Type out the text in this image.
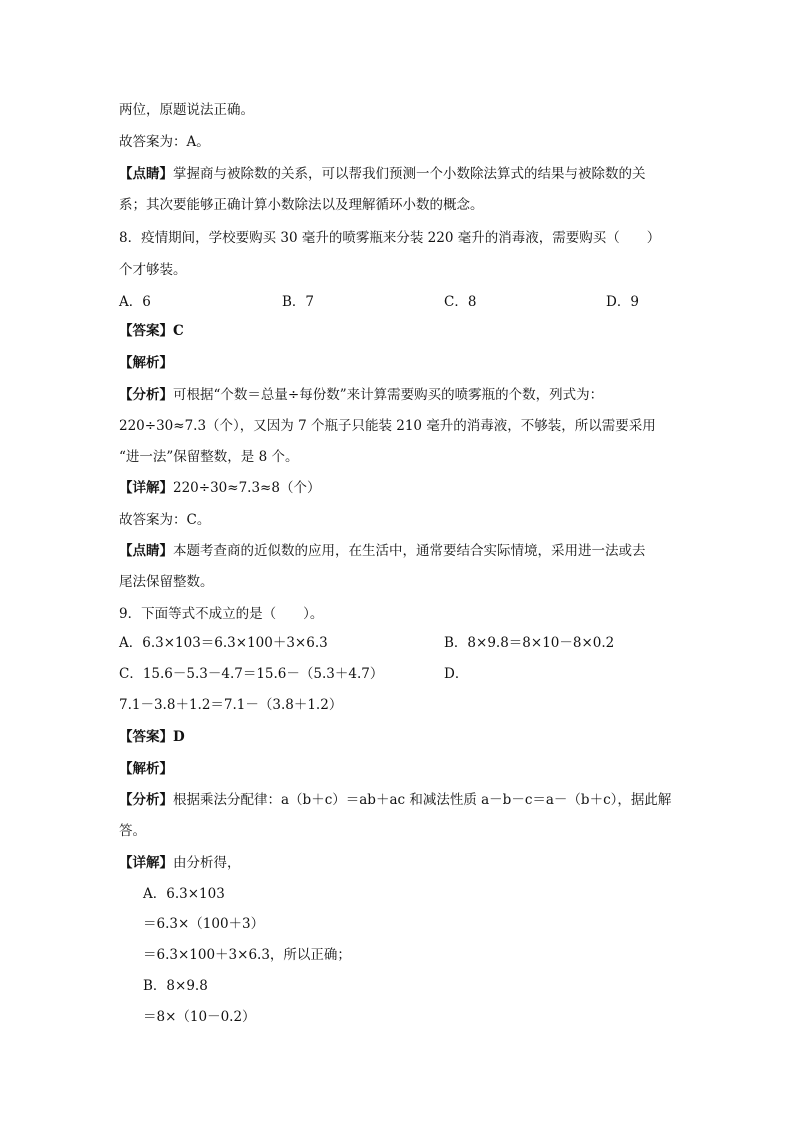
两位，原题说法正确。
故答案为：A。
【点睛】掌握商与被除数的关系，可以帮我们预测一个小数除法算式的结果与被除数的关
系；其次要能够正确计算小数除法以及理解循环小数的概念。
8．疫情期间，学校要购买 30 毫升的喷雾瓶来分装 220 毫升的消毒液，需要购买（　　）
个才够装。
A．6	B．7	C．8	D．9
【答案】C
【解析】
【分析】可根据“个数＝总量÷每份数”来计算需要购买的喷雾瓶的个数，列式为：
220÷30≈7.3（个），又因为 7 个瓶子只能装 210 毫升的消毒液，不够装，所以需要采用
“进一法”保留整数，是 8 个。
【详解】220÷30≈7.3≈8（个）
故答案为：C。
【点睛】本题考查商的近似数的应用，在生活中，通常要结合实际情境，采用进一法或去
尾法保留整数。
9．下面等式不成立的是（　　）。
A．6.3×103＝6.3×100＋3×6.3	B．8×9.8＝8×10－8×0.2
C．15.6－5.3－4.7＝15.6－（5.3＋4.7）	D．
7.1－3.8＋1.2＝7.1－（3.8＋1.2）
【答案】D
【解析】
【分析】根据乘法分配律：a（b＋c）＝ab＋ac 和减法性质 a－b－c＝a－（b＋c），据此解
答。
【详解】由分析得，
A．6.3×103
＝6.3×（100＋3）
＝6.3×100＋3×6.3，所以正确；
B．8×9.8
＝8×（10－0.2）
